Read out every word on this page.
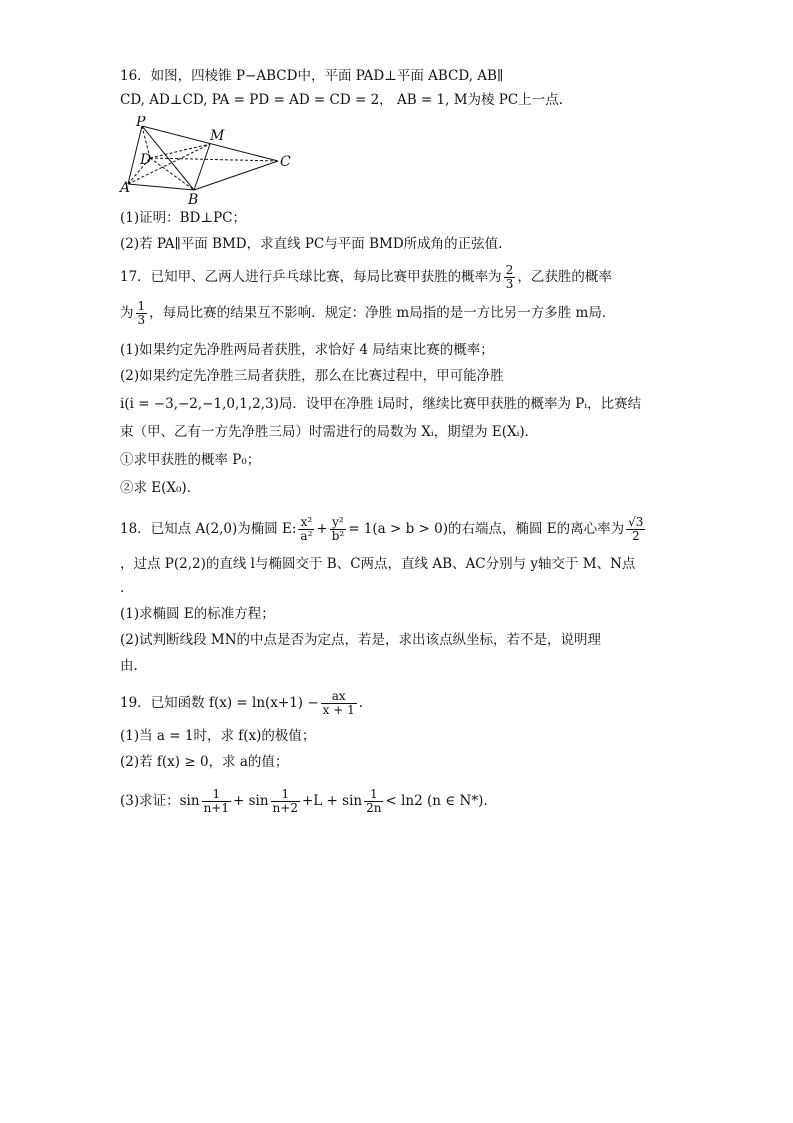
16．如图，四棱锥 P−ABCD中，平面 PAD⊥平面 ABCD, AB∥
CD, AD⊥CD, PA = PD = AD = CD = 2， AB = 1, M为棱 PC上一点.
P
M
D	C
A
B
(1)证明：BD⊥PC；
(2)若 PA∥平面 BMD，求直线 PC与平面 BMD所成角的正弦值.
17．已知甲、乙两人进行乒乓球比赛，每局比赛甲获胜的概率为 $\frac{2}{3}$ ，乙获胜的概率
为 $\frac{1}{3}$ ，每局比赛的结果互不影响．规定：净胜 m局指的是一方比另一方多胜 m局．
(1)如果约定先净胜两局者获胜，求恰好 4 局结束比赛的概率；
(2)如果约定先净胜三局者获胜，那么在比赛过程中，甲可能净胜
i(i = −3,−2,−1,0,1,2,3)局．设甲在净胜 i局时，继续比赛甲获胜的概率为 Pᵢ，比赛结
束（甲、乙有一方先净胜三局）时需进行的局数为 Xᵢ，期望为 E(Xᵢ)．
①求甲获胜的概率 P₀；
②求 E(X₀)．
18．已知点 A(2,0)为椭圆 E: $\frac{\text{x²}}{\text{a²}} + \frac{\text{y²}}{\text{b²}} = 1(a > b > 0)$的右端点，椭圆 E的离心率为 $\frac{√3}{2}$
，过点 P(2,2)的直线 l与椭圆交于 B、C两点，直线 AB、AC分别与 y轴交于 M、N点
.
(1)求椭圆 E的标准方程；
(2)试判断线段 MN的中点是否为定点，若是，求出该点纵坐标，若不是，说明理
由.
19．已知函数 $f(x) = \ln(x+1) - \frac{ax}{x + 1}$ .
(1)当 a = 1时，求 f(x)的极值；
(2)若 f(x) ≥ 0，求 a的值；
(3)求证：$\sin \frac{1}{n+1} + \sin \frac{1}{n+2} +L + \sin \frac{1}{2n} < \ln 2$ (n ∈ N*).
